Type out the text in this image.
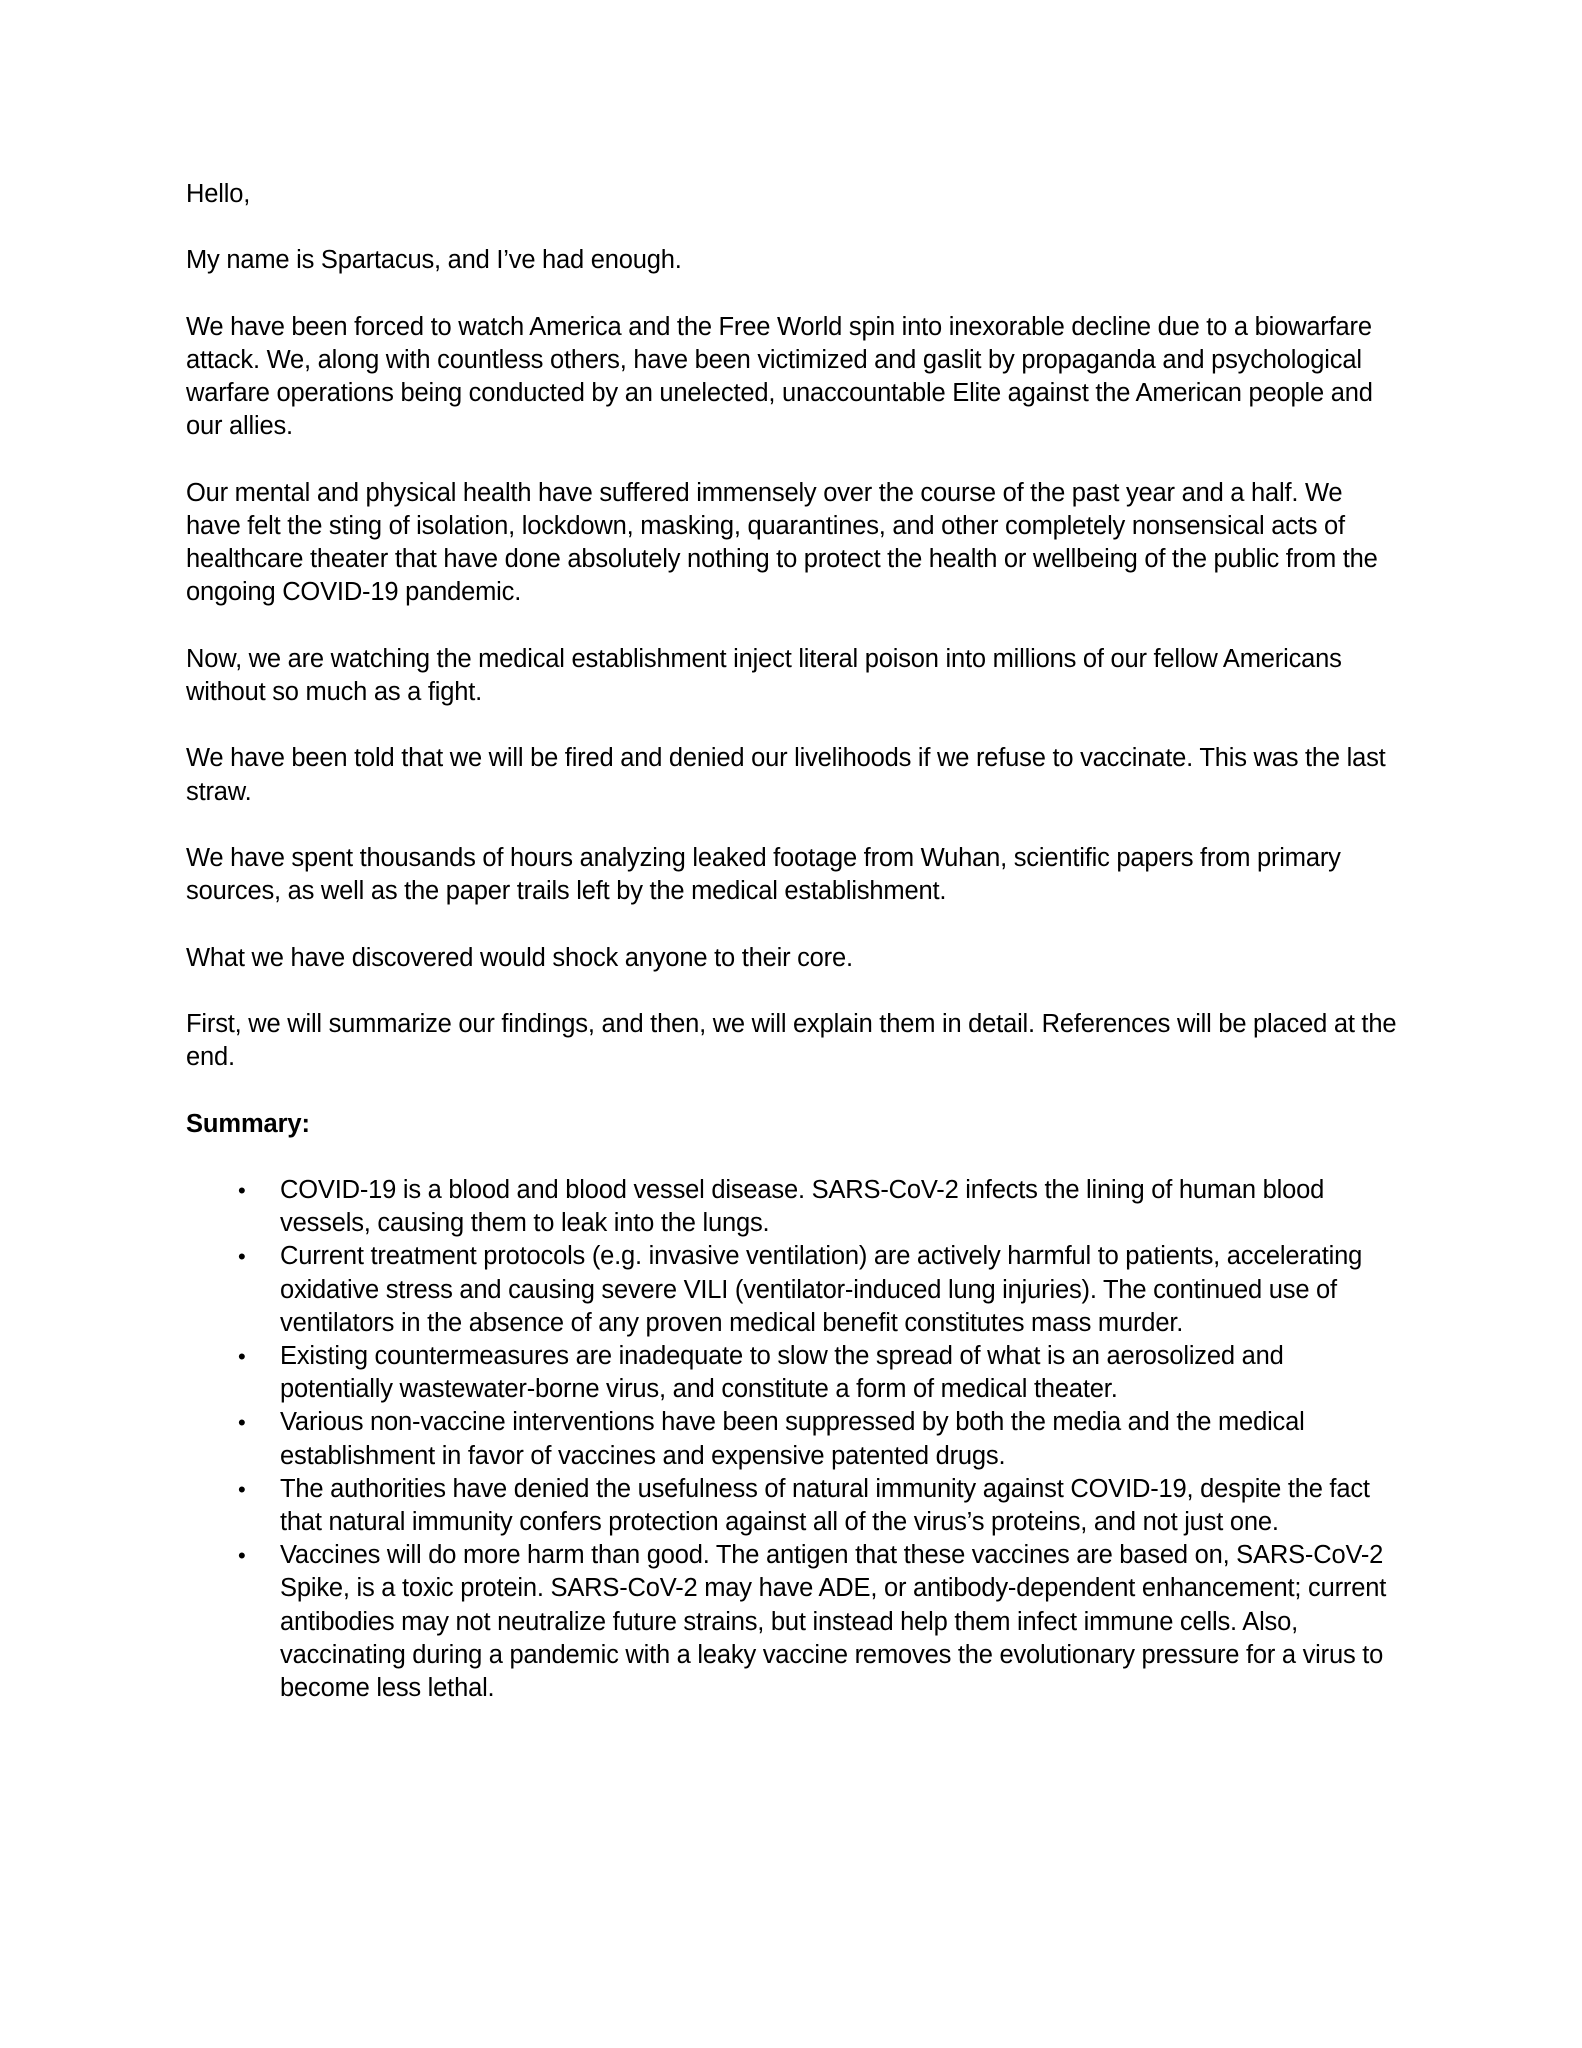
Hello,

My name is Spartacus, and I’ve had enough.

We have been forced to watch America and the Free World spin into inexorable decline due to a biowarfare attack. We, along with countless others, have been victimized and gaslit by propaganda and psychological warfare operations being conducted by an unelected, unaccountable Elite against the American people and our allies.

Our mental and physical health have suffered immensely over the course of the past year and a half. We have felt the sting of isolation, lockdown, masking, quarantines, and other completely nonsensical acts of healthcare theater that have done absolutely nothing to protect the health or wellbeing of the public from the ongoing COVID-19 pandemic.

Now, we are watching the medical establishment inject literal poison into millions of our fellow Americans without so much as a fight.

We have been told that we will be fired and denied our livelihoods if we refuse to vaccinate. This was the last straw.

We have spent thousands of hours analyzing leaked footage from Wuhan, scientific papers from primary sources, as well as the paper trails left by the medical establishment.

What we have discovered would shock anyone to their core.

First, we will summarize our findings, and then, we will explain them in detail. References will be placed at the end.

Summary:

• COVID-19 is a blood and blood vessel disease. SARS-CoV-2 infects the lining of human blood vessels, causing them to leak into the lungs.
• Current treatment protocols (e.g. invasive ventilation) are actively harmful to patients, accelerating oxidative stress and causing severe VILI (ventilator-induced lung injuries). The continued use of ventilators in the absence of any proven medical benefit constitutes mass murder.
• Existing countermeasures are inadequate to slow the spread of what is an aerosolized and potentially wastewater-borne virus, and constitute a form of medical theater.
• Various non-vaccine interventions have been suppressed by both the media and the medical establishment in favor of vaccines and expensive patented drugs.
• The authorities have denied the usefulness of natural immunity against COVID-19, despite the fact that natural immunity confers protection against all of the virus’s proteins, and not just one.
• Vaccines will do more harm than good. The antigen that these vaccines are based on, SARS-CoV-2 Spike, is a toxic protein. SARS-CoV-2 may have ADE, or antibody-dependent enhancement; current antibodies may not neutralize future strains, but instead help them infect immune cells. Also, vaccinating during a pandemic with a leaky vaccine removes the evolutionary pressure for a virus to become less lethal.
